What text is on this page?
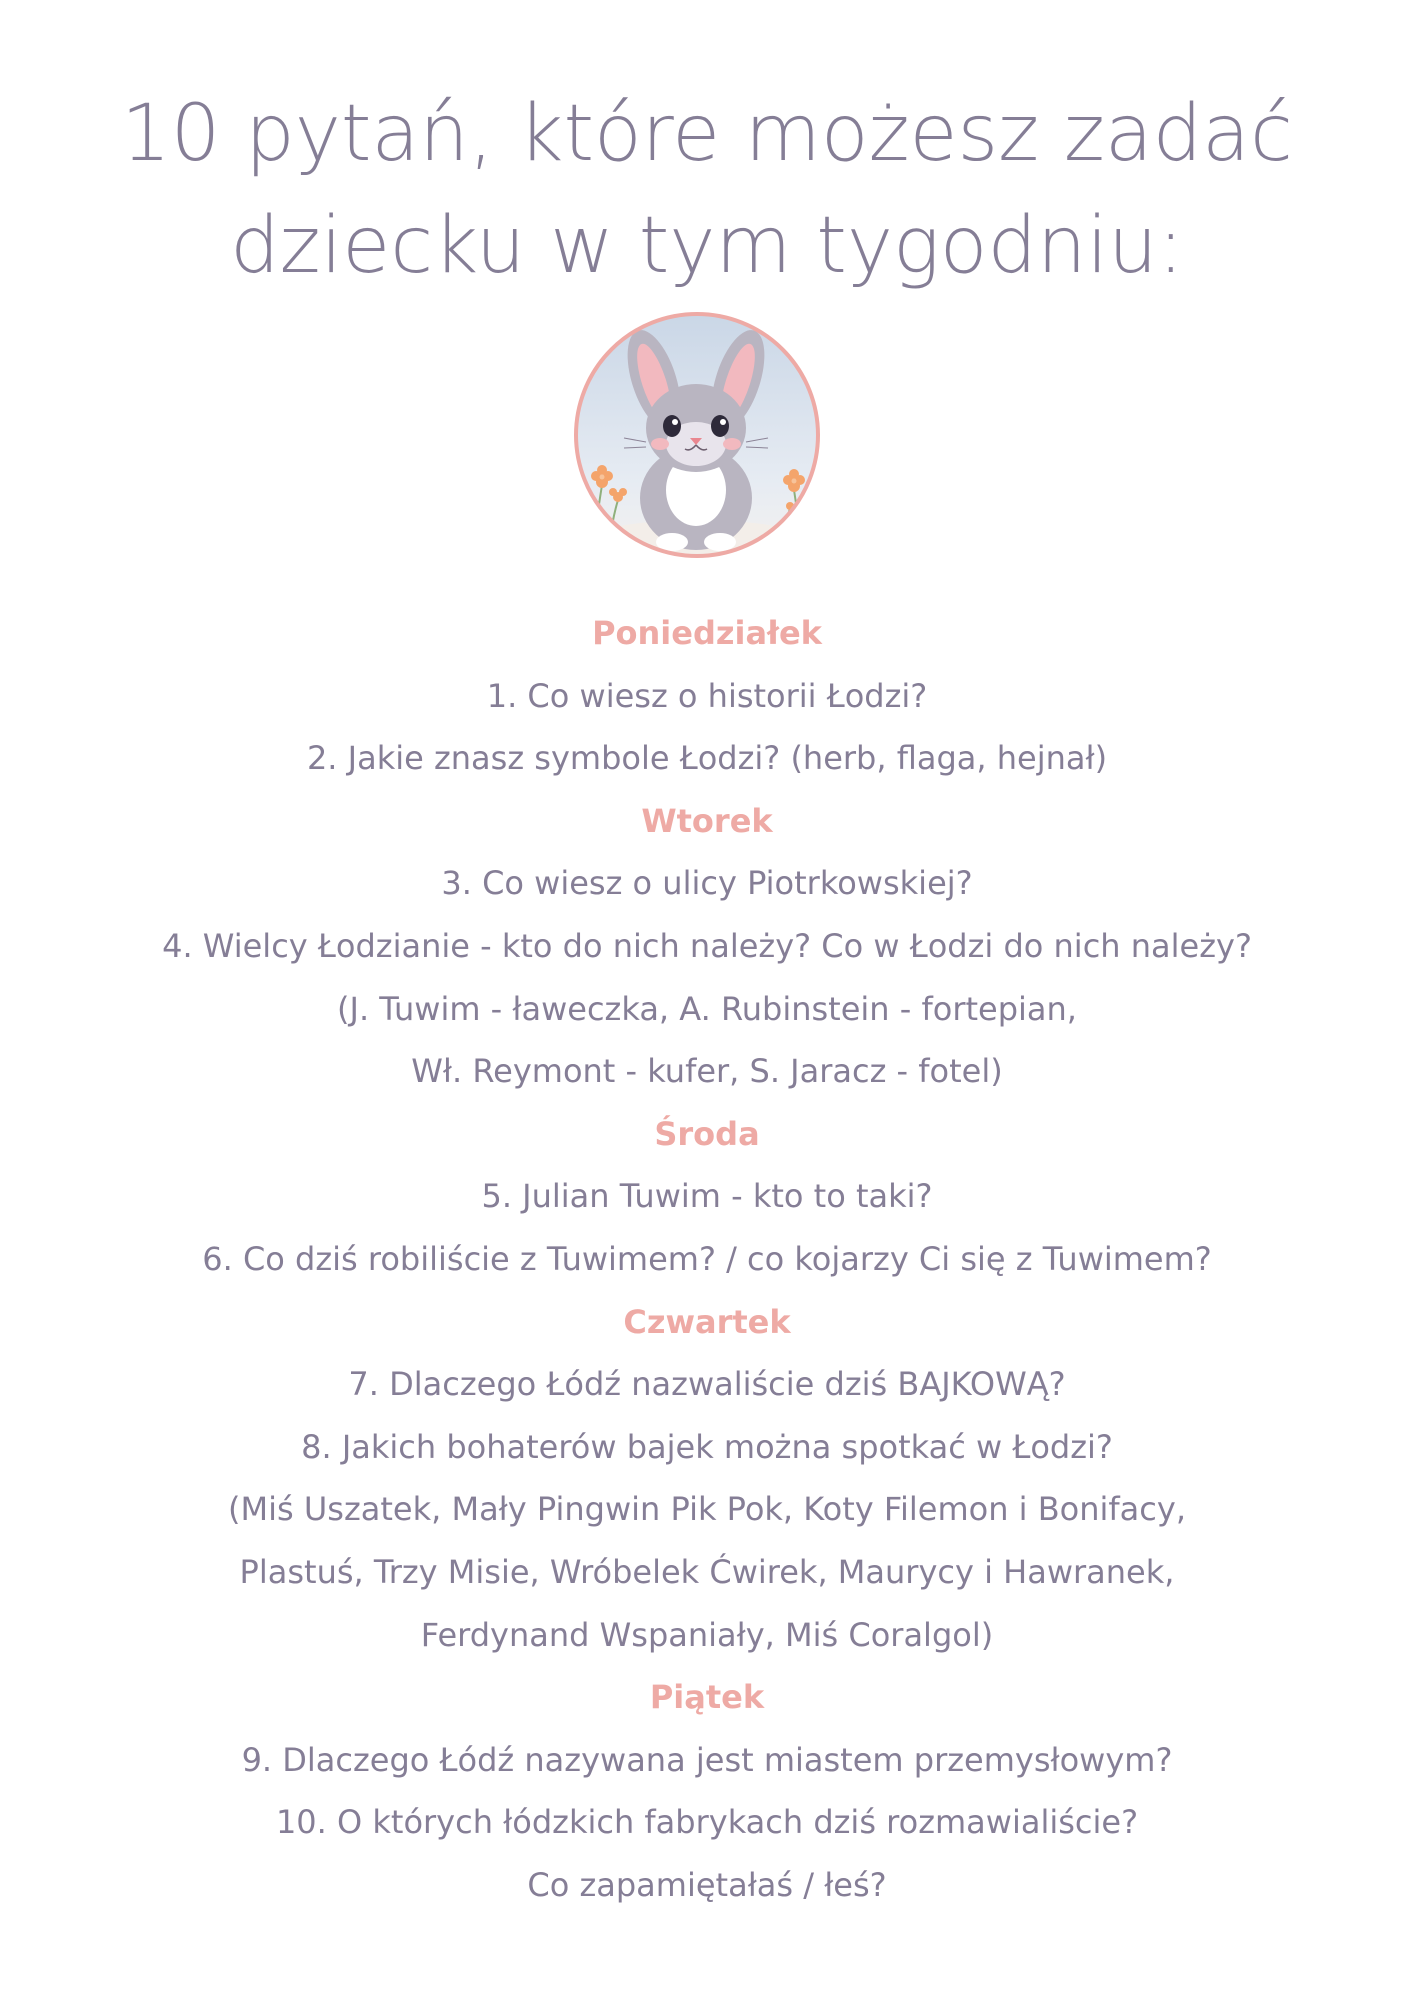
10 pytań, które możesz zadać
dziecku w tym tygodniu:
Poniedziałek
1. Co wiesz o historii Łodzi?
2. Jakie znasz symbole Łodzi? (herb, flaga, hejnał)
Wtorek
3. Co wiesz o ulicy Piotrkowskiej?
4. Wielcy Łodzianie - kto do nich należy? Co w Łodzi do nich należy?
(J. Tuwim - ławeczka, A. Rubinstein - fortepian,
Wł. Reymont - kufer, S. Jaracz - fotel)
Środa
5. Julian Tuwim - kto to taki?
6. Co dziś robiliście z Tuwimem? / co kojarzy Ci się z Tuwimem?
Czwartek
7. Dlaczego Łódź nazwaliście dziś BAJKOWĄ?
8. Jakich bohaterów bajek można spotkać w Łodzi?
(Miś Uszatek, Mały Pingwin Pik Pok, Koty Filemon i Bonifacy,
Plastuś, Trzy Misie, Wróbelek Ćwirek, Maurycy i Hawranek,
Ferdynand Wspaniały, Miś Coralgol)
Piątek
9. Dlaczego Łódź nazywana jest miastem przemysłowym?
10. O których łódzkich fabrykach dziś rozmawialiście?
Co zapamiętałaś / łeś?
